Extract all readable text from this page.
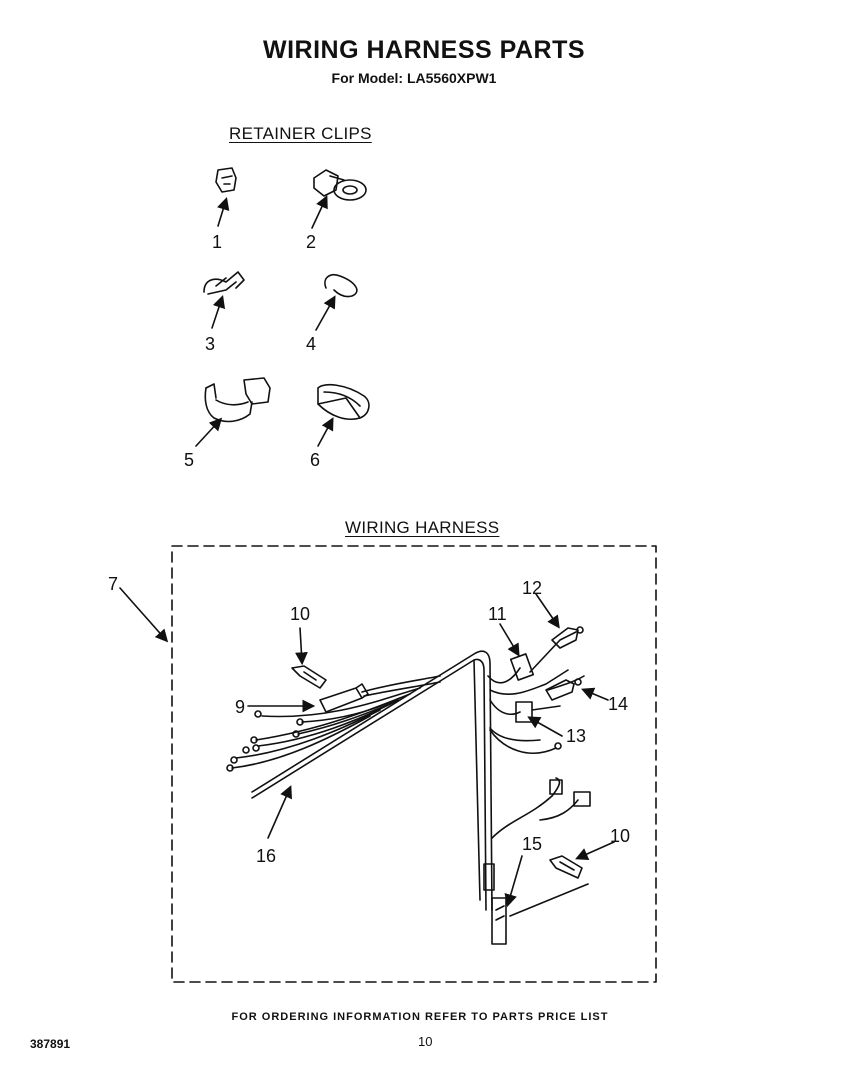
WIRING HARNESS PARTS
For Model: LA5560XPW1
RETAINER CLIPS
WIRING HARNESS
1	2
3	4
5	6
7
9
10
10
11
12
13
14
15
16
FOR ORDERING INFORMATION REFER TO PARTS PRICE LIST
387891	10
